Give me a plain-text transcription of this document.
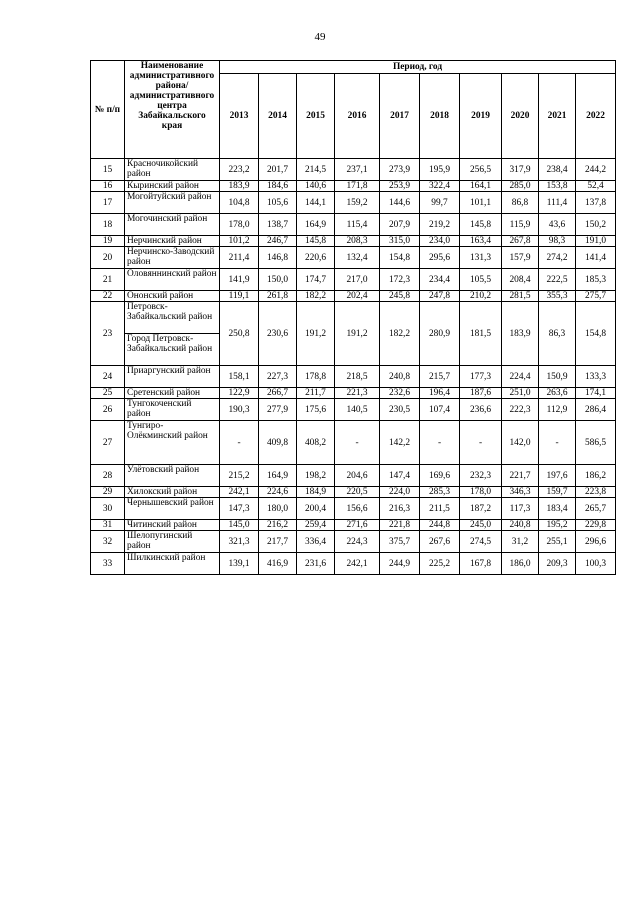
49
№ п/п	Наименование административного района/ административного центра Забайкальского края	Период, год									
		2013	2014	2015	2016	2017	2018	2019	2020	2021	2022
15	Красночикойский район	223,2	201,7	214,5	237,1	273,9	195,9	256,5	317,9	238,4	244,2
16	Кыринский район	183,9	184,6	140,6	171,8	253,9	322,4	164,1	285,0	153,8	52,4
17	Могойтуйский район	104,8	105,6	144,1	159,2	144,6	99,7	101,1	86,8	111,4	137,8
18	Могочинский район	178,0	138,7	164,9	115,4	207,9	219,2	145,8	115,9	43,6	150,2
19	Нерчинский район	101,2	246,7	145,8	208,3	315,0	234,0	163,4	267,8	98,3	191,0
20	Нерчинско-Заводский район	211,4	146,8	220,6	132,4	154,8	295,6	131,3	157,9	274,2	141,4
21	Оловяннинский район	141,9	150,0	174,7	217,0	172,3	234,4	105,5	208,4	222,5	185,3
22	Ононский район	119,1	261,8	182,2	202,4	245,8	247,8	210,2	281,5	355,3	275,7
23	Петровск-Забайкальский район	250,8	230,6	191,2	191,2	182,2	280,9	181,5	183,9	86,3	154,8
	Город Петровск-Забайкальский район										
24	Приаргунский район	158,1	227,3	178,8	218,5	240,8	215,7	177,3	224,4	150,9	133,3
25	Сретенский район	122,9	266,7	211,7	221,3	232,6	196,4	187,6	251,0	263,6	174,1
26	Тунгокоченский район	190,3	277,9	175,6	140,5	230,5	107,4	236,6	222,3	112,9	286,4
27	Тунгиро-Олёкминский район	-	409,8	408,2	-	142,2	-	-	142,0	-	586,5
28	Улётовский район	215,2	164,9	198,2	204,6	147,4	169,6	232,3	221,7	197,6	186,2
29	Хилокский район	242,1	224,6	184,9	220,5	224,0	285,3	178,0	346,3	159,7	223,8
30	Чернышевский район	147,3	180,0	200,4	156,6	216,3	211,5	187,2	117,3	183,4	265,7
31	Читинский район	145,0	216,2	259,4	271,6	221,8	244,8	245,0	240,8	195,2	229,8
32	Шелопугинский район	321,3	217,7	336,4	224,3	375,7	267,6	274,5	31,2	255,1	296,6
33	Шилкинский район	139,1	416,9	231,6	242,1	244,9	225,2	167,8	186,0	209,3	100,3
